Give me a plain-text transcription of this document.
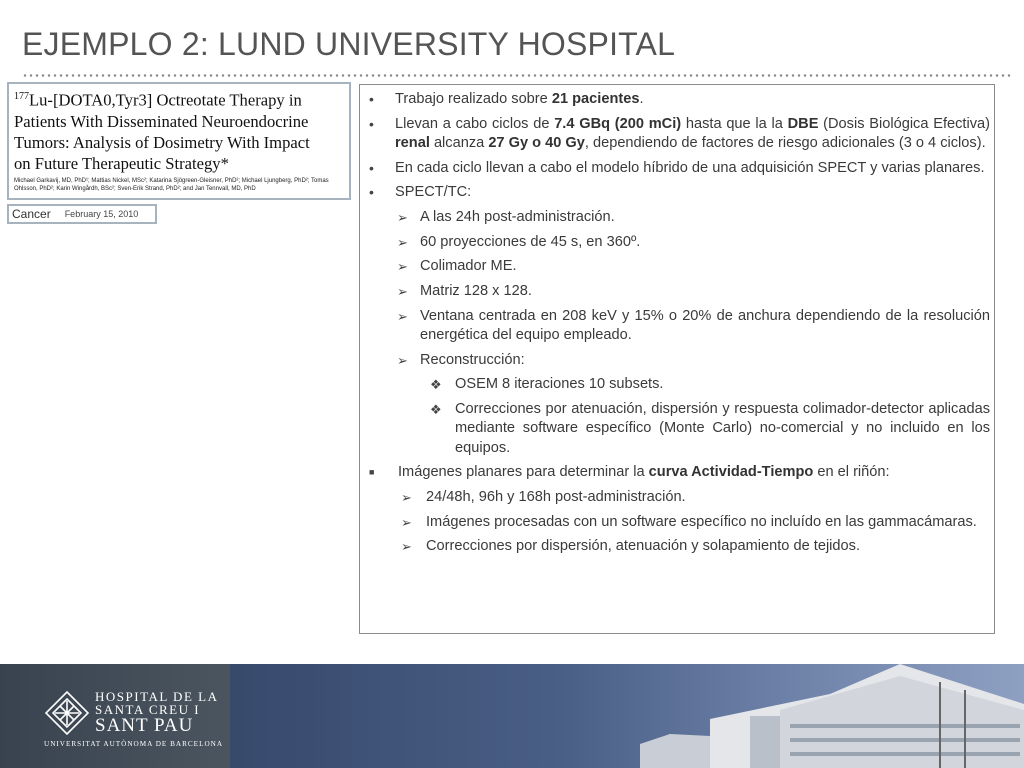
EJEMPLO 2: LUND UNIVERSITY HOSPITAL

$^{177}$Lu-[DOTA0,Tyr3] Octreotate Therapy in
Patients With Disseminated Neuroendocrine
Tumors: Analysis of Dosimetry With Impact
on Future Therapeutic Strategy*

Michael Garkavij, MD, PhD¹; Mattias Nickel, MSc²; Katarina Sjögreen-Gleisner, PhD²; Michael Ljungberg, PhD²; Tomas Ohlsson, PhD²; Karin Wingårdh, BSc²; Sven-Erik Strand, PhD²; and Jan Tennvall, MD, PhD
Cancer February 15, 2010
• Trabajo realizado sobre 21 pacientes.
• Llevan a cabo ciclos de 7.4 GBq (200 mCi) hasta que la la DBE (Dosis Biológica Efectiva) renal alcanza 27 Gy o 40 Gy, dependiendo de factores de riesgo adicionales (3 o 4 ciclos).
• En cada ciclo llevan a cabo el modelo híbrido de una adquisición SPECT y varias planares.
• SPECT/TC:
➢ A las 24h post-administración.
➢ 60 proyecciones de 45 s, en 360º.
➢ Colimador ME.
➢ Matriz 128 x 128.
➢ Ventana centrada en 208 keV y 15% o 20% de anchura dependiendo de la resolución energética del equipo empleado.
➢ Reconstrucción:
❖ OSEM 8 iteraciones 10 subsets.
❖ Correcciones por atenuación, dispersión y respuesta colimador-detector aplicadas mediante software específico (Monte Carlo) no-comercial y no incluido en los equipos.
■ Imágenes planares para determinar la curva Actividad-Tiempo en el riñón:
➢ 24/48h, 96h y 168h post-administración.
➢ Imágenes procesadas con un software específico no incluído en las gammacámaras.
➢ Correcciones por dispersión, atenuación y solapamiento de tejidos.
HOSPITAL DE LA
SANTA CREU I
SANT PAU
UNIVERSITAT AUTÒNOMA DE BARCELONA
